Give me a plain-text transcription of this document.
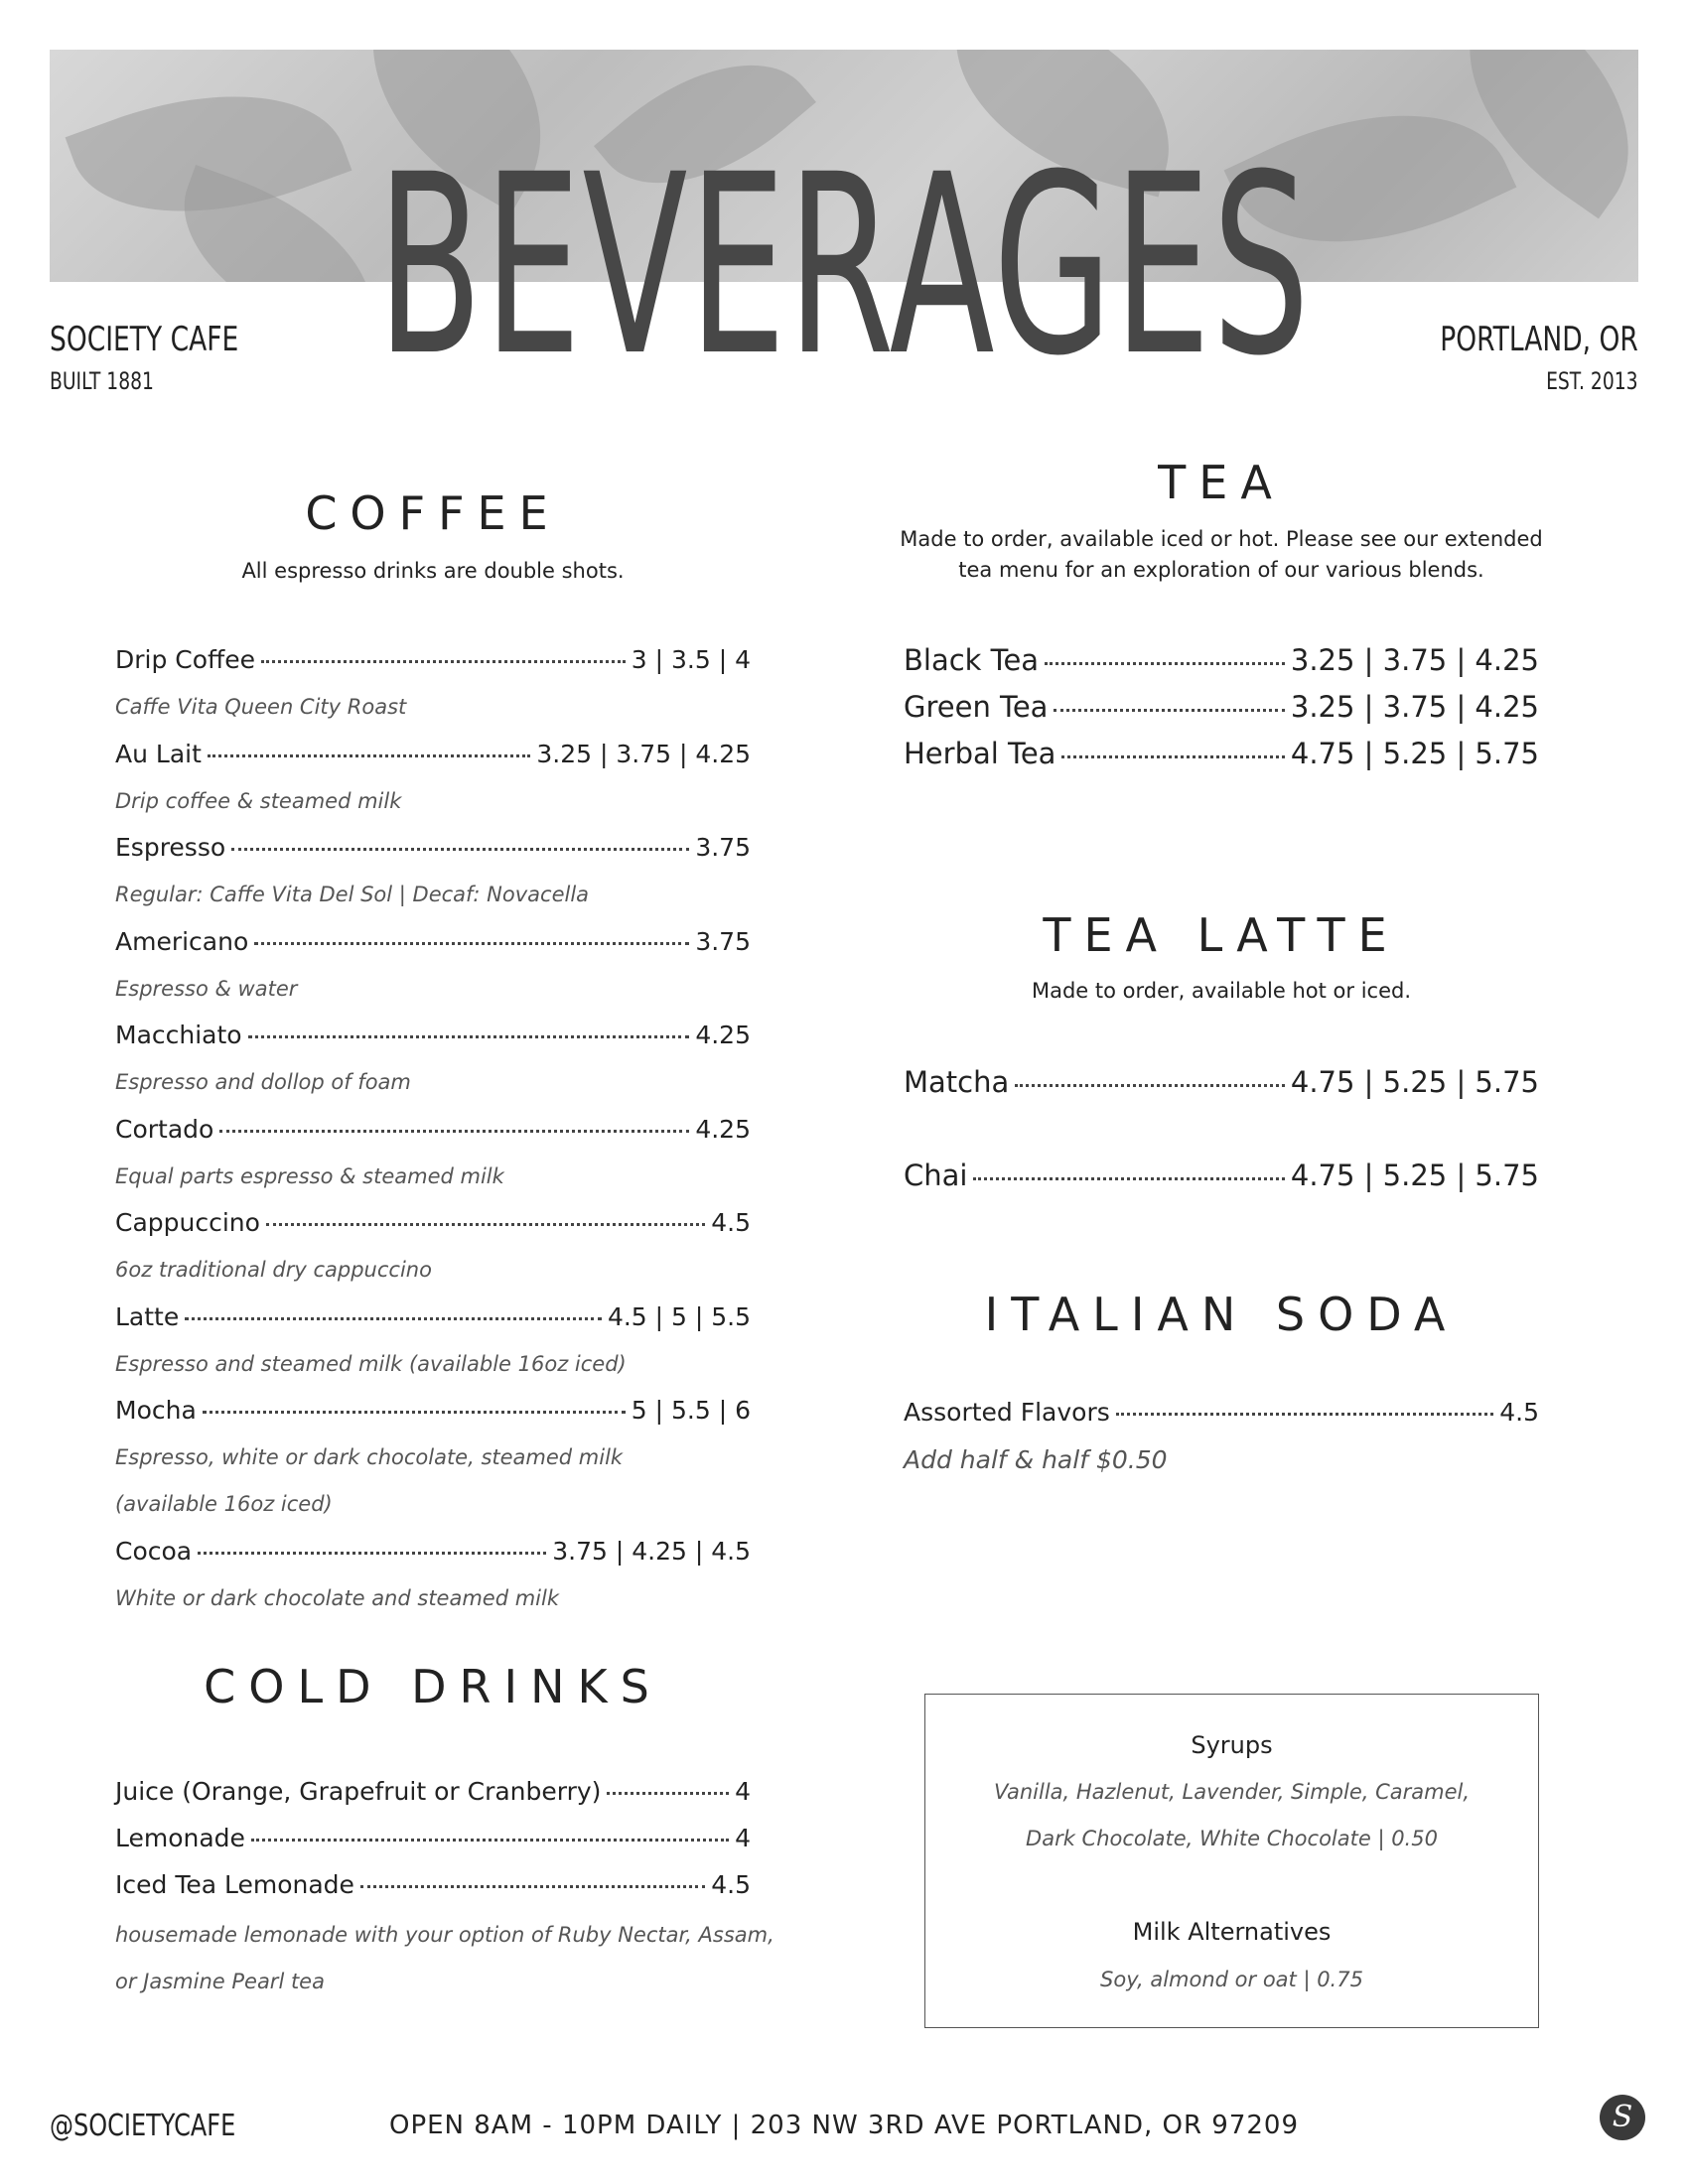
BEVERAGES
SOCIETY CAFE
BUILT 1881
PORTLAND, OR
EST. 2013
COFFEE
All espresso drinks are double shots.
Drip Coffee	3 | 3.5 | 4
Caffe Vita Queen City Roast
Au Lait	3.25 | 3.75 | 4.25
Drip coffee & steamed milk
Espresso	3.75
Regular: Caffe Vita Del Sol | Decaf: Novacella
Americano	3.75
Espresso & water
Macchiato	4.25
Espresso and dollop of foam
Cortado	4.25
Equal parts espresso & steamed milk
Cappuccino	4.5
6oz traditional dry cappuccino
Latte	4.5 | 5 | 5.5
Espresso and steamed milk (available 16oz iced)
Mocha	5 | 5.5 | 6
Espresso, white or dark chocolate, steamed milk
(available 16oz iced)
Cocoa	3.75 | 4.25 | 4.5
White or dark chocolate and steamed milk
COLD DRINKS
Juice (Orange, Grapefruit or Cranberry)	4
Lemonade	4
Iced Tea Lemonade	4.5
housemade lemonade with your option of Ruby Nectar, Assam,
or Jasmine Pearl tea
TEA
Made to order, available iced or hot. Please see our extended
tea menu for an exploration of our various blends.
Black Tea	3.25 | 3.75 | 4.25
Green Tea	3.25 | 3.75 | 4.25
Herbal Tea	4.75 | 5.25 | 5.75
TEA LATTE
Made to order, available hot or iced.
Matcha	4.75 | 5.25 | 5.75
Chai	4.75 | 5.25 | 5.75
ITALIAN SODA
Assorted Flavors	4.5
Add half & half $0.50
Syrups
Vanilla, Hazlenut, Lavender, Simple, Caramel,
Dark Chocolate, White Chocolate | 0.50
Milk Alternatives
Soy, almond or oat | 0.75
@SOCIETYCAFE	OPEN 8AM - 10PM DAILY | 203 NW 3RD AVE PORTLAND, OR 97209	S
